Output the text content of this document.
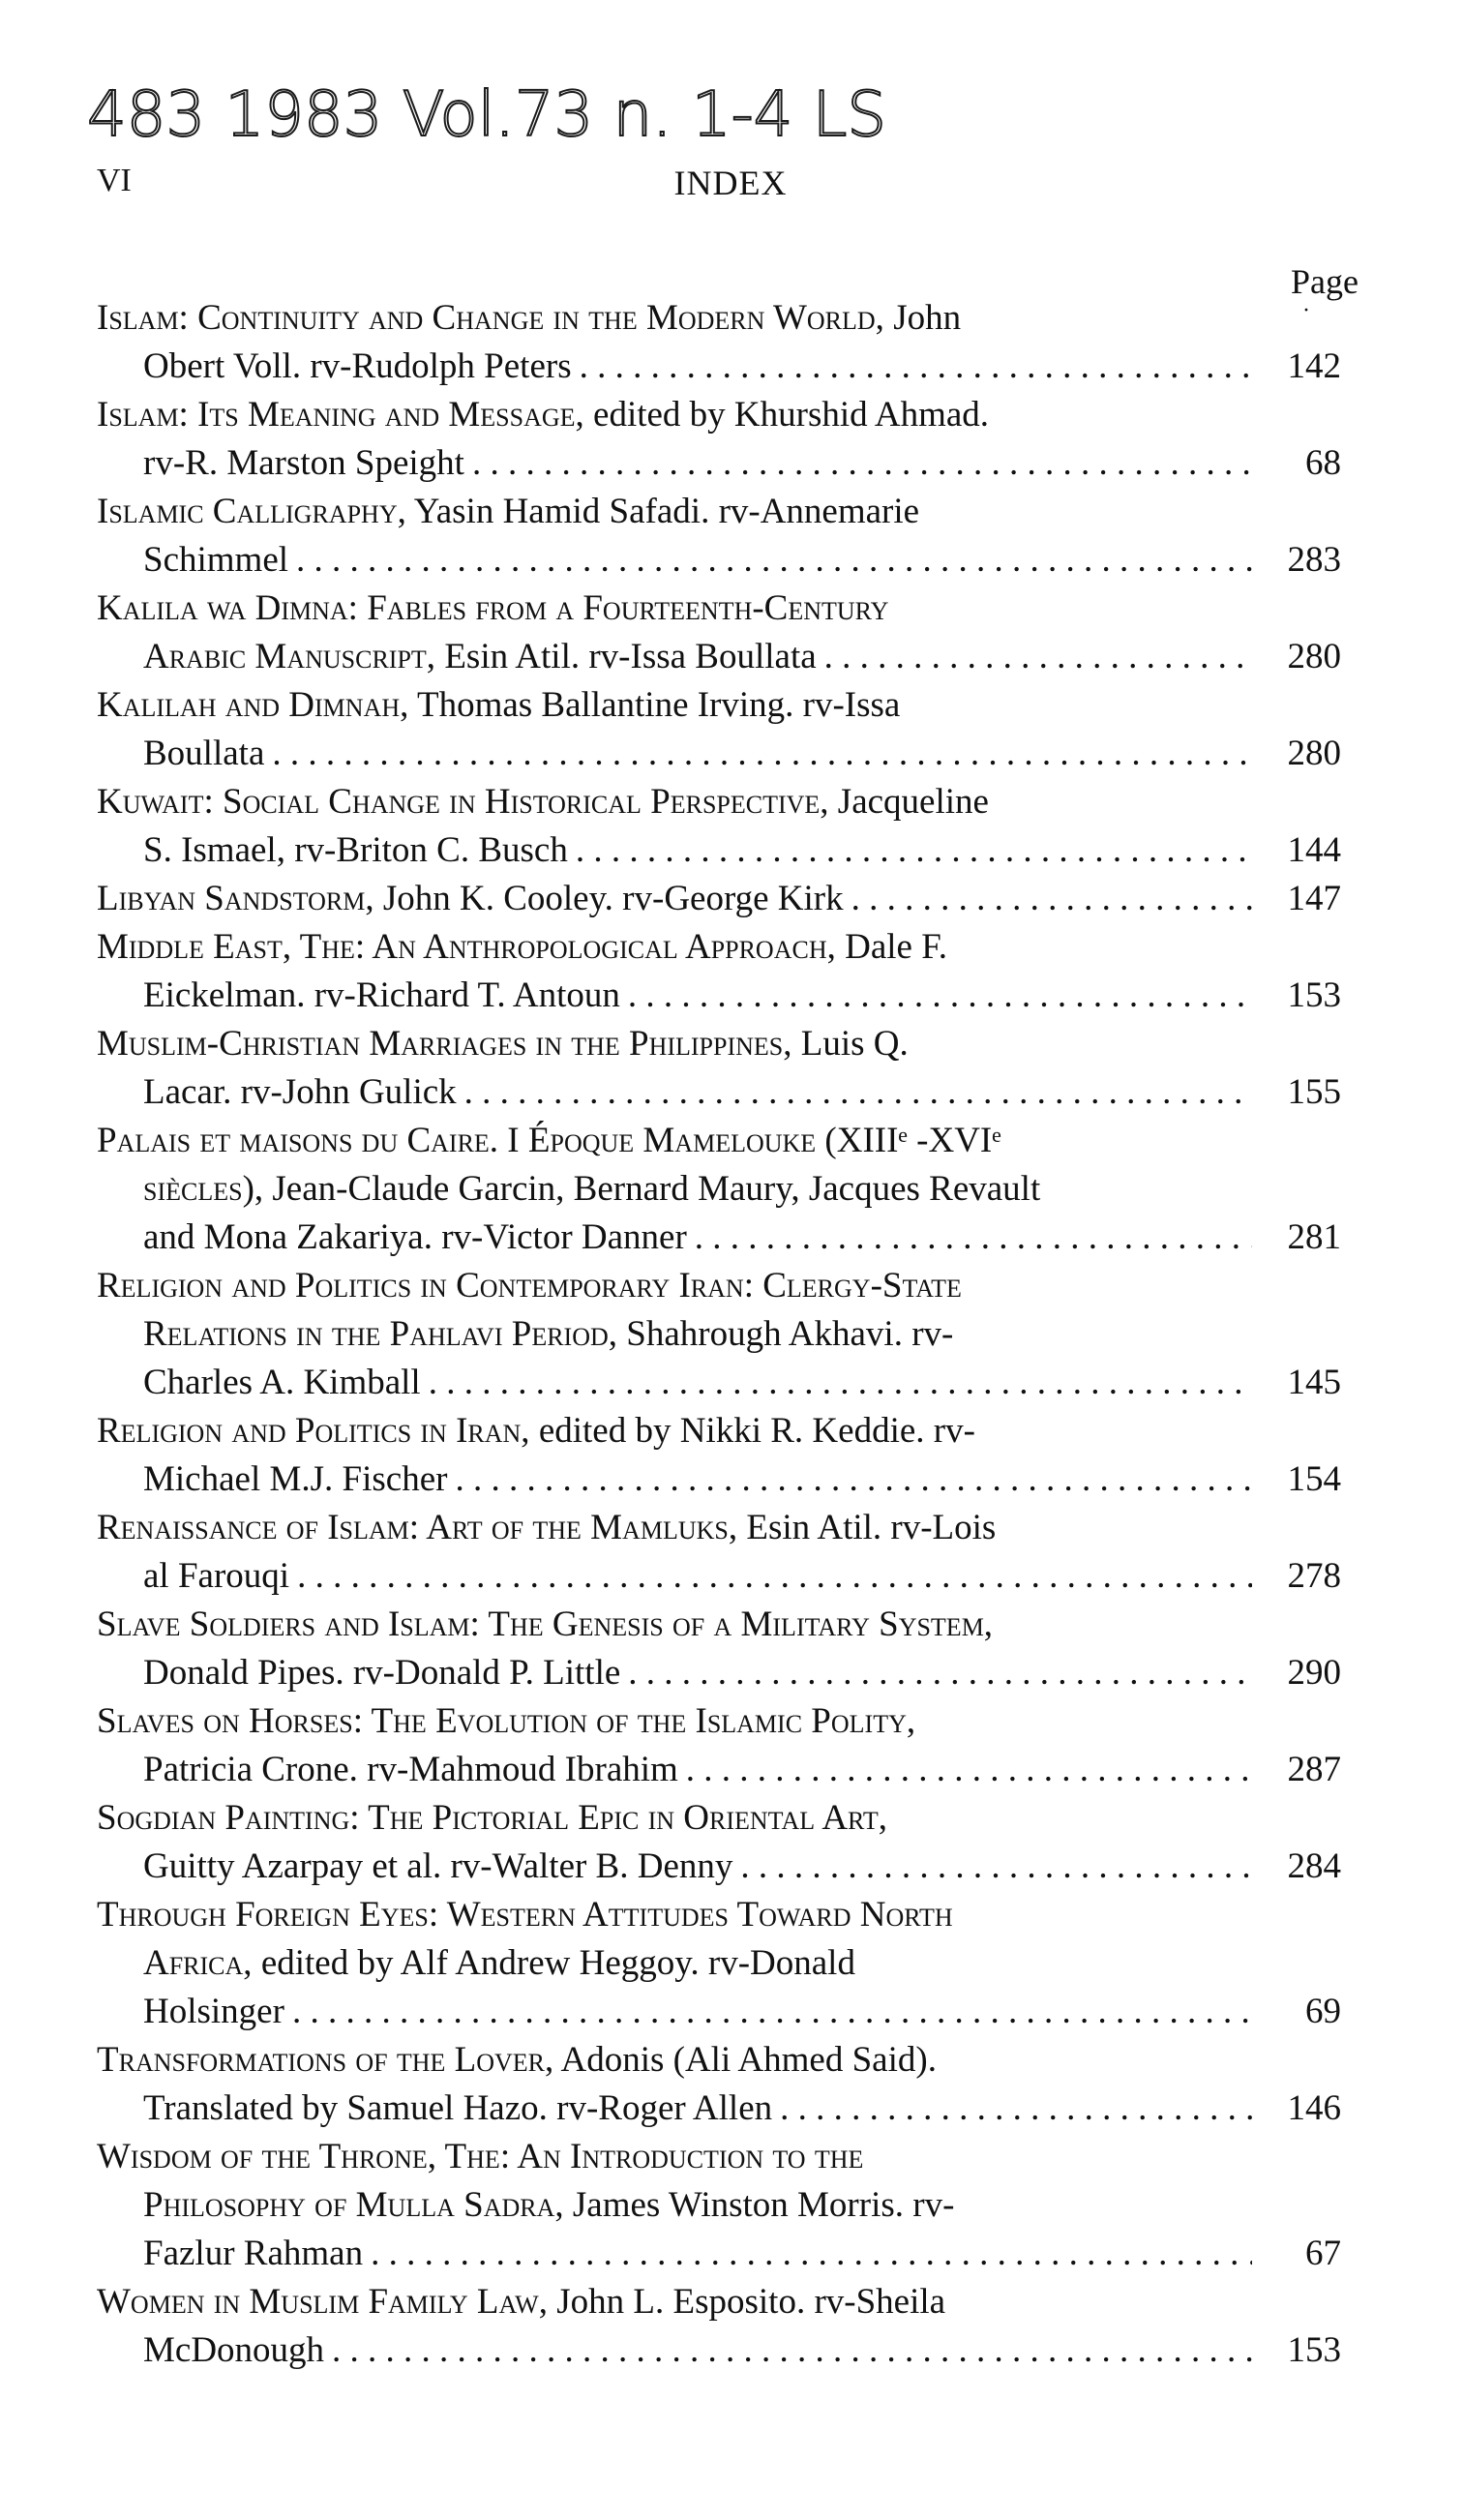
483 1983 Vol.73 n. 1-4 LS
VI	INDEX
Page
·
Islam: Continuity and Change in the Modern World, John
Obert Voll. rv-Rudolph Peters . . .	142
Islam: Its Meaning and Message, edited by Khurshid Ahmad.
rv-R. Marston Speight . . .	68
Islamic Calligraphy, Yasin Hamid Safadi. rv-Annemarie
Schimmel . . .	283
Kalila wa Dimna: Fables from a Fourteenth-Century
Arabic Manuscript, Esin Atil. rv-Issa Boullata . . .	280
Kalilah and Dimnah, Thomas Ballantine Irving. rv-Issa
Boullata . . .	280
Kuwait: Social Change in Historical Perspective, Jacqueline
S. Ismael, rv-Briton C. Busch . . .	144
Libyan Sandstorm, John K. Cooley. rv-George Kirk . . .	147
Middle East, The: An Anthropological Approach, Dale F.
Eickelman. rv-Richard T. Antoun . . .	153
Muslim-Christian Marriages in the Philippines, Luis Q.
Lacar. rv-John Gulick . . .	155
Palais et maisons du Caire. I Époque Mamelouke (XIIIᵉ -XVIᵉ
siècles), Jean-Claude Garcin, Bernard Maury, Jacques Revault
and Mona Zakariya. rv-Victor Danner . . .	281
Religion and Politics in Contemporary Iran: Clergy-State
Relations in the Pahlavi Period, Shahrough Akhavi. rv-
Charles A. Kimball . . .	145
Religion and Politics in Iran, edited by Nikki R. Keddie. rv-
Michael M.J. Fischer . . .	154
Renaissance of Islam: Art of the Mamluks, Esin Atil. rv-Lois
al Farouqi . . .	278
Slave Soldiers and Islam: The Genesis of a Military System,
Donald Pipes. rv-Donald P. Little . . .	290
Slaves on Horses: The Evolution of the Islamic Polity,
Patricia Crone. rv-Mahmoud Ibrahim . . .	287
Sogdian Painting: The Pictorial Epic in Oriental Art,
Guitty Azarpay et al. rv-Walter B. Denny . . .	284
Through Foreign Eyes: Western Attitudes Toward North
Africa, edited by Alf Andrew Heggoy. rv-Donald
Holsinger . . .	69
Transformations of the Lover, Adonis (Ali Ahmed Said).
Translated by Samuel Hazo. rv-Roger Allen . . .	146
Wisdom of the Throne, The: An Introduction to the
Philosophy of Mulla Sadra, James Winston Morris. rv-
Fazlur Rahman . . .	67
Women in Muslim Family Law, John L. Esposito. rv-Sheila
McDonough . . .	153
